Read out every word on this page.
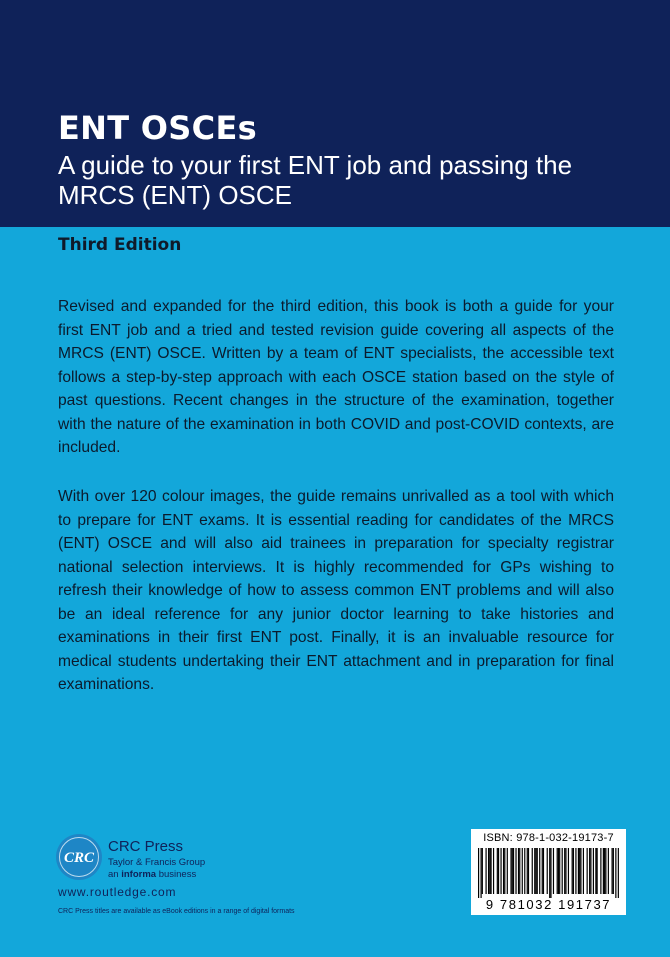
ENT OSCEs

A guide to your first ENT job and passing the MRCS (ENT) OSCE

Third Edition

Revised and expanded for the third edition, this book is both a guide for your first ENT job and a tried and tested revision guide covering all aspects of the MRCS (ENT) OSCE. Written by a team of ENT specialists, the accessible text follows a step-by-step approach with each OSCE station based on the style of past questions. Recent changes in the structure of the examination, together with the nature of the examination in both COVID and post-COVID contexts, are included.

With over 120 colour images, the guide remains unrivalled as a tool with which to prepare for ENT exams. It is essential reading for candidates of the MRCS (ENT) OSCE and will also aid trainees in preparation for specialty registrar national selection interviews. It is highly recommended for GPs wishing to refresh their knowledge of how to assess common ENT problems and will also be an ideal reference for any junior doctor learning to take histories and examinations in their first ENT post. Finally, it is an invaluable resource for medical students undertaking their ENT attachment and in preparation for final examinations.

CRC

CRC Press

Taylor & Francis Group
an informa business
www.routledge.com
CRC Press titles are available as eBook editions in a range of digital formats
ISBN: 978-1-032-19173-7
9 781032 191737
